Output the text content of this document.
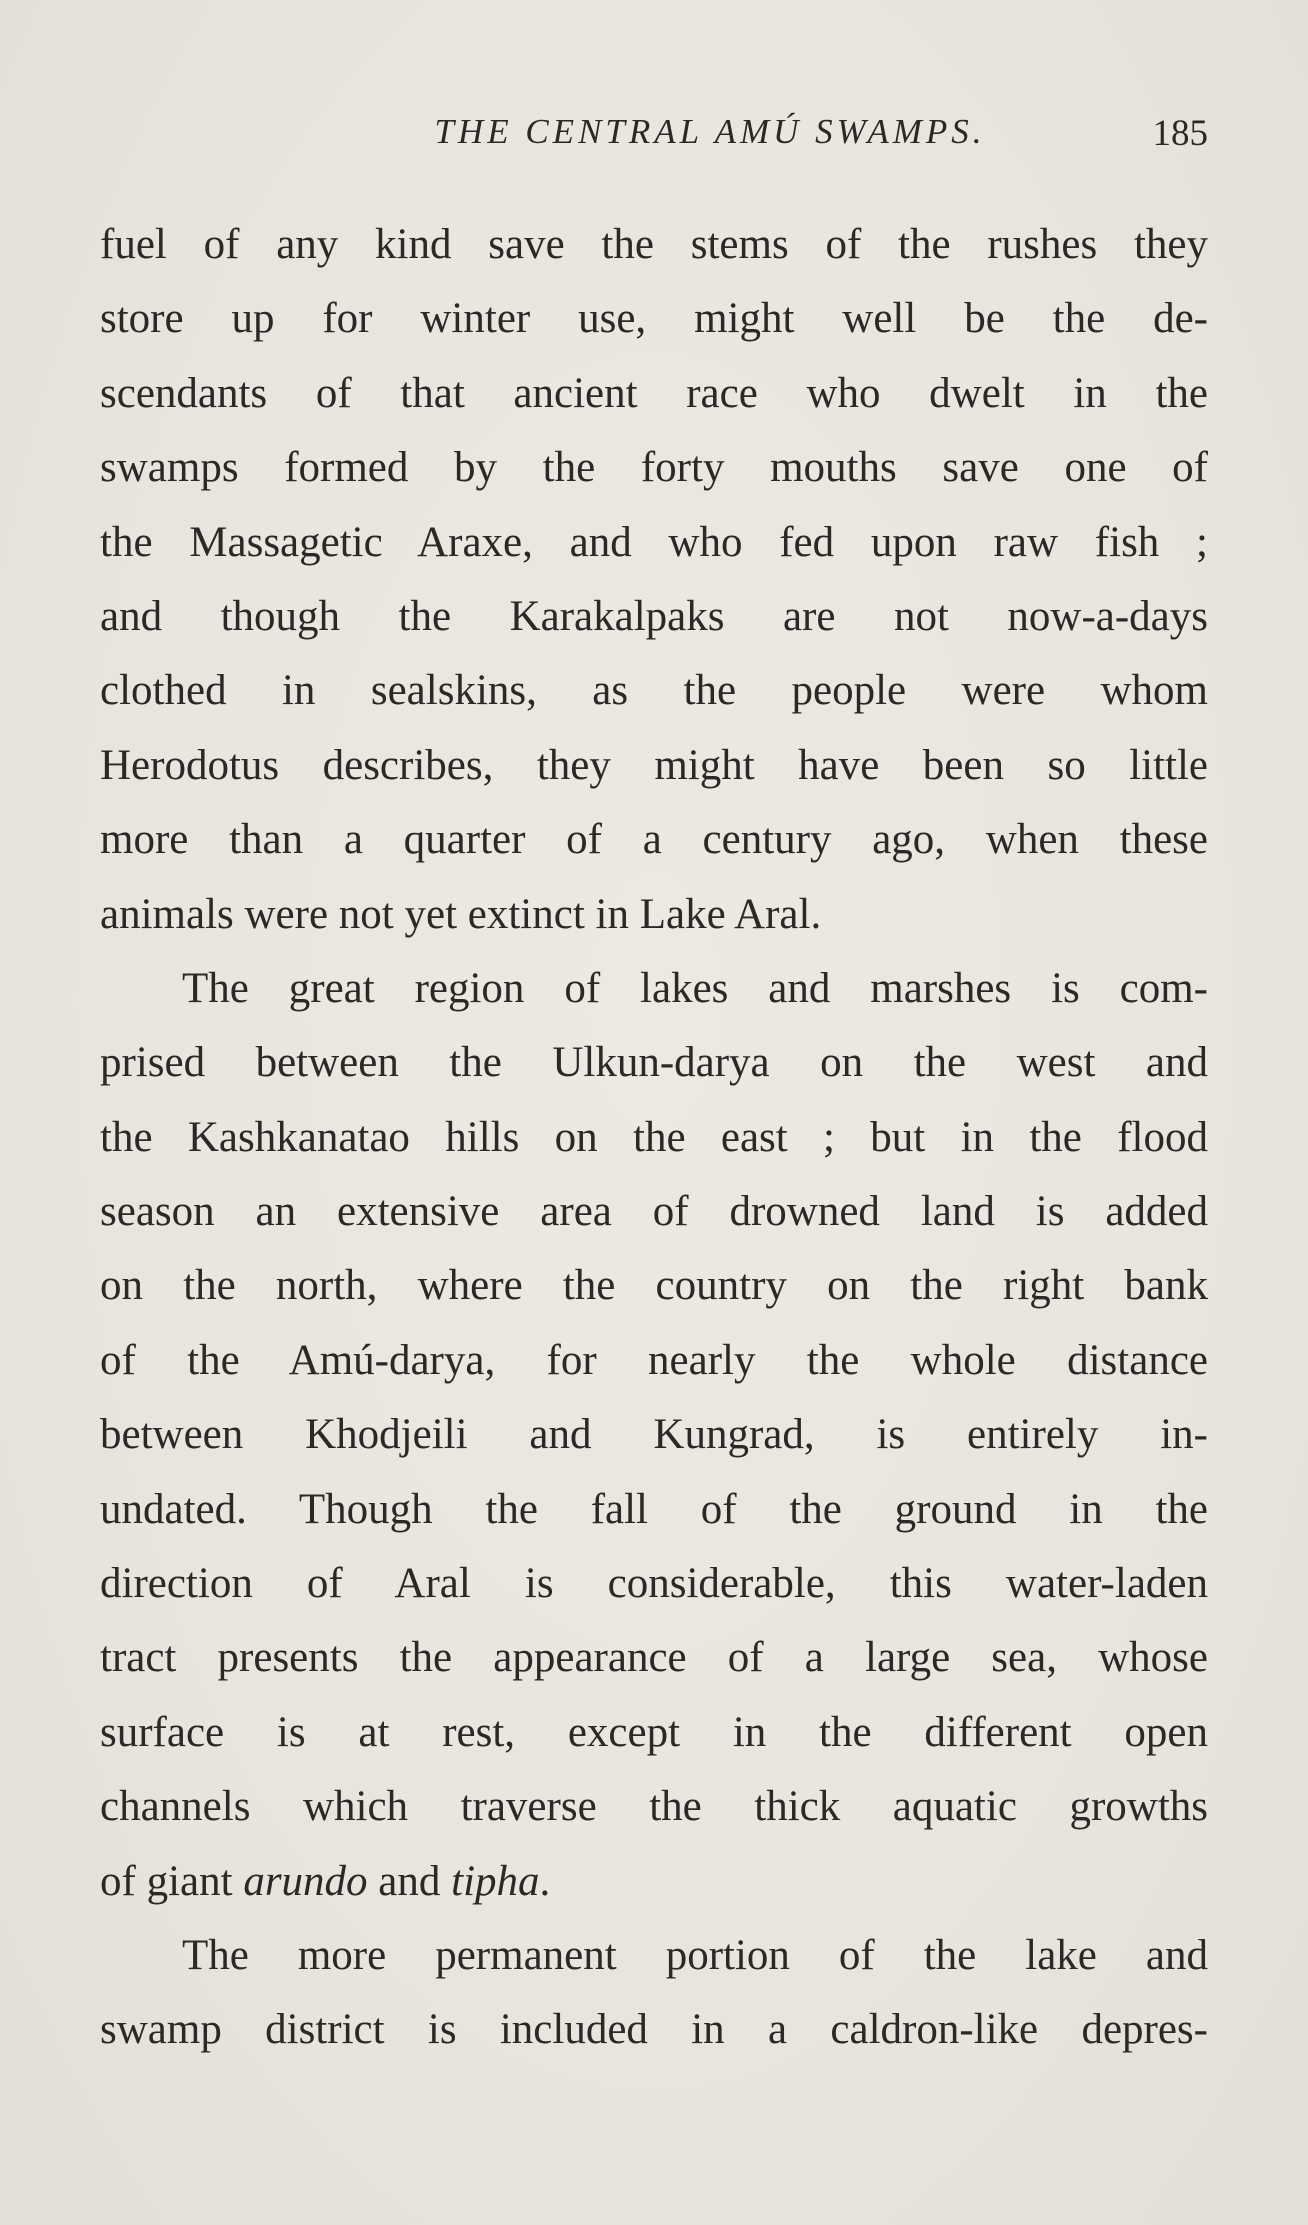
THE CENTRAL AMÚ SWAMPS.	185
fuel of any kind save the stems of the rushes they
store up for winter use, might well be the de-
scendants of that ancient race who dwelt in the
swamps formed by the forty mouths save one of
the Massagetic Araxe, and who fed upon raw fish ;
and though the Karakalpaks are not now-a-days
clothed in sealskins, as the people were whom
Herodotus describes, they might have been so little
more than a quarter of a century ago, when these
animals were not yet extinct in Lake Aral.
The great region of lakes and marshes is com-
prised between the Ulkun-darya on the west and
the Kashkanatao hills on the east ; but in the flood
season an extensive area of drowned land is added
on the north, where the country on the right bank
of the Amú-darya, for nearly the whole distance
between Khodjeili and Kungrad, is entirely in-
undated. Though the fall of the ground in the
direction of Aral is considerable, this water-laden
tract presents the appearance of a large sea, whose
surface is at rest, except in the different open
channels which traverse the thick aquatic growths
of giant arundo and tipha.
The more permanent portion of the lake and
swamp district is included in a caldron-like depres-
